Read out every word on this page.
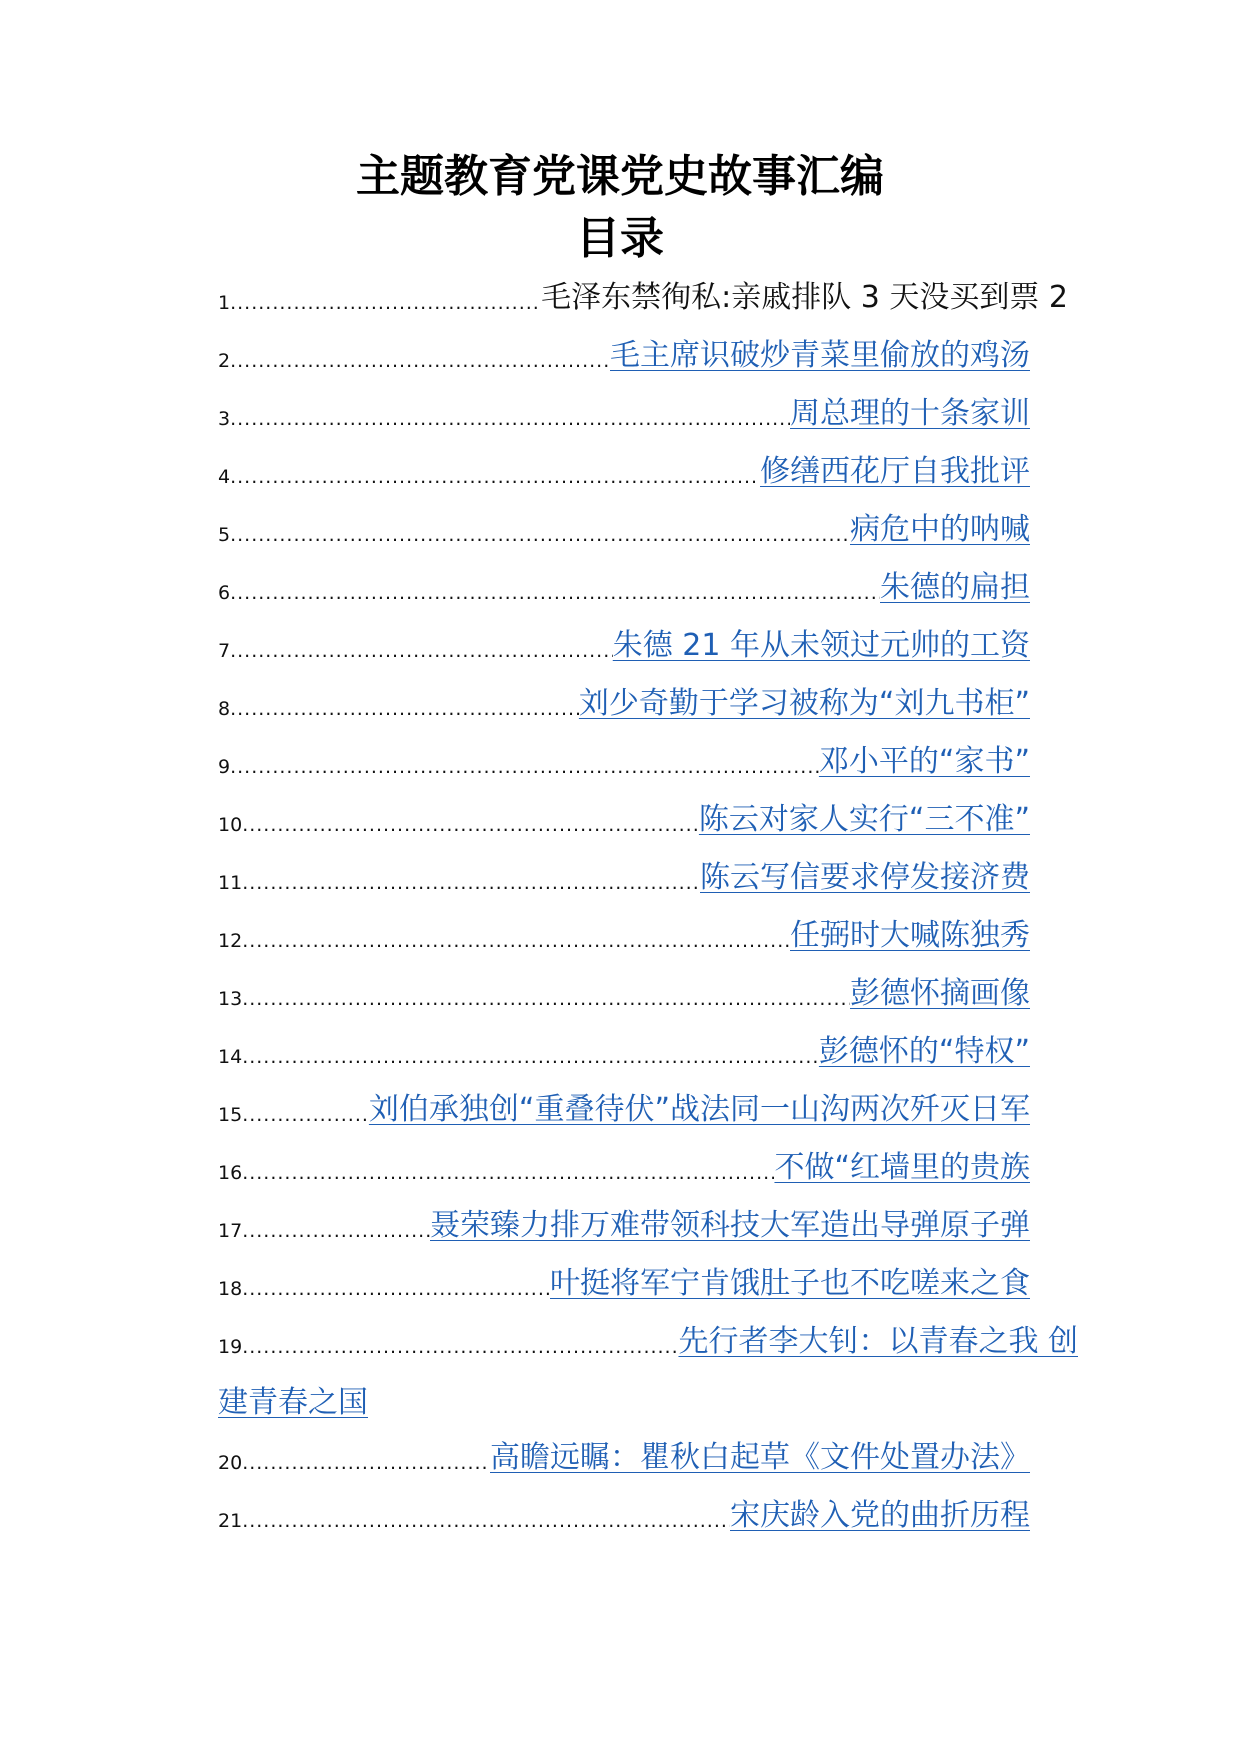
主题教育党课党史故事汇编
目录
1 .....	毛泽东禁徇私:亲戚排队 3 天没买到票 2
2 .....	毛主席识破炒青菜里偷放的鸡汤
3 .....	周总理的十条家训
4 .....	修缮西花厅自我批评
5 .....	病危中的呐喊
6 .....	朱德的扁担
7 .....	朱德 21 年从未领过元帅的工资
8 .....	刘少奇勤于学习被称为“刘九书柜”
9 .....	邓小平的“家书”
10 .....	陈云对家人实行“三不准”
11 .....	陈云写信要求停发接济费
12 .....	任弼时大喊陈独秀
13 .....	彭德怀摘画像
14 .....	彭德怀的“特权”
15 .....	刘伯承独创“重叠待伏”战法同一山沟两次歼灭日军
16 .....	不做“红墙里的贵族
17 .....	聂荣臻力排万难带领科技大军造出导弹原子弹
18 .....	叶挺将军宁肯饿肚子也不吃嗟来之食
19 .....	先行者李大钊：以青春之我 创
建青春之国
20 .....	高瞻远瞩：瞿秋白起草《文件处置办法》
21 .....	宋庆龄入党的曲折历程
